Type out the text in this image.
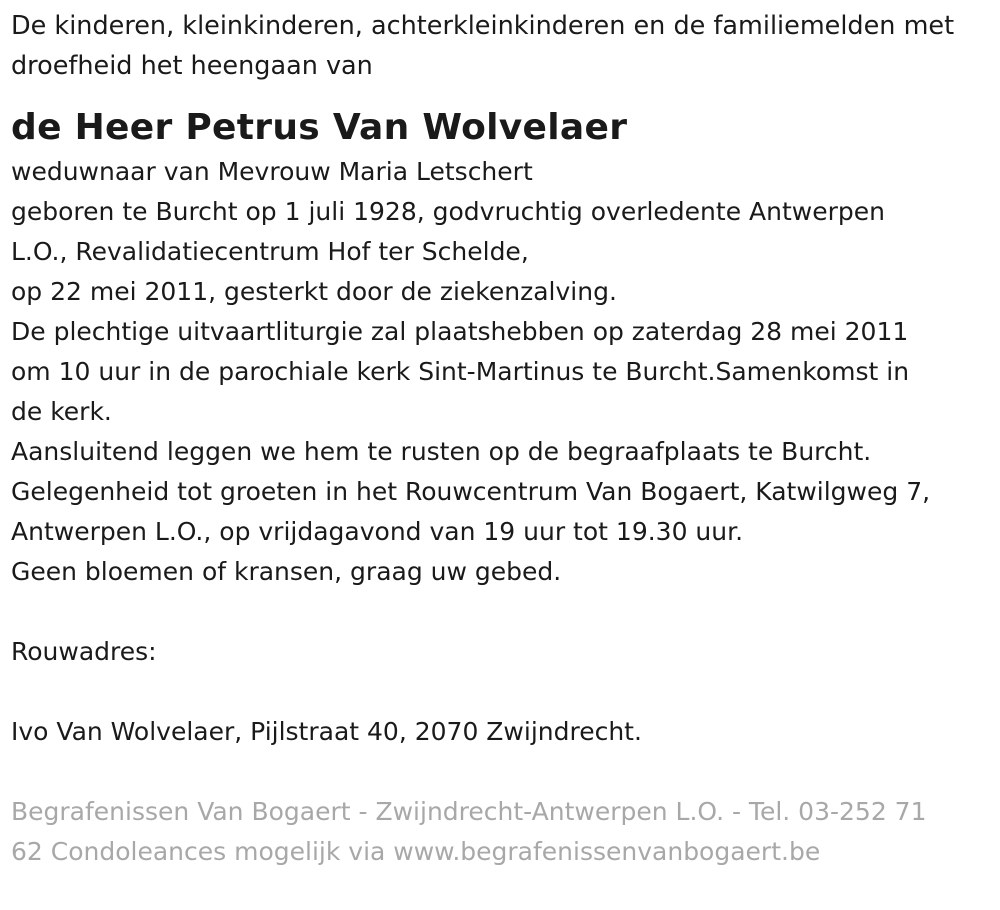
De kinderen, kleinkinderen, achterkleinkinderen en de familiemelden met
droefheid het heengaan van
de Heer Petrus Van Wolvelaer
weduwnaar van Mevrouw Maria Letschert
geboren te Burcht op 1 juli 1928, godvruchtig overledente Antwerpen
L.O., Revalidatiecentrum Hof ter Schelde,
op 22 mei 2011, gesterkt door de ziekenzalving.
De plechtige uitvaartliturgie zal plaatshebben op zaterdag 28 mei 2011
om 10 uur in de parochiale kerk Sint-Martinus te Burcht.Samenkomst in
de kerk.
Aansluitend leggen we hem te rusten op de begraafplaats te Burcht.
Gelegenheid tot groeten in het Rouwcentrum Van Bogaert, Katwilgweg 7,
Antwerpen L.O., op vrijdagavond van 19 uur tot 19.30 uur.
Geen bloemen of kransen, graag uw gebed.
Rouwadres:
Ivo Van Wolvelaer, Pijlstraat 40, 2070 Zwijndrecht.
Begrafenissen Van Bogaert - Zwijndrecht-Antwerpen L.O. - Tel. 03-252 71
62 Condoleances mogelijk via www.begrafenissenvanbogaert.be
